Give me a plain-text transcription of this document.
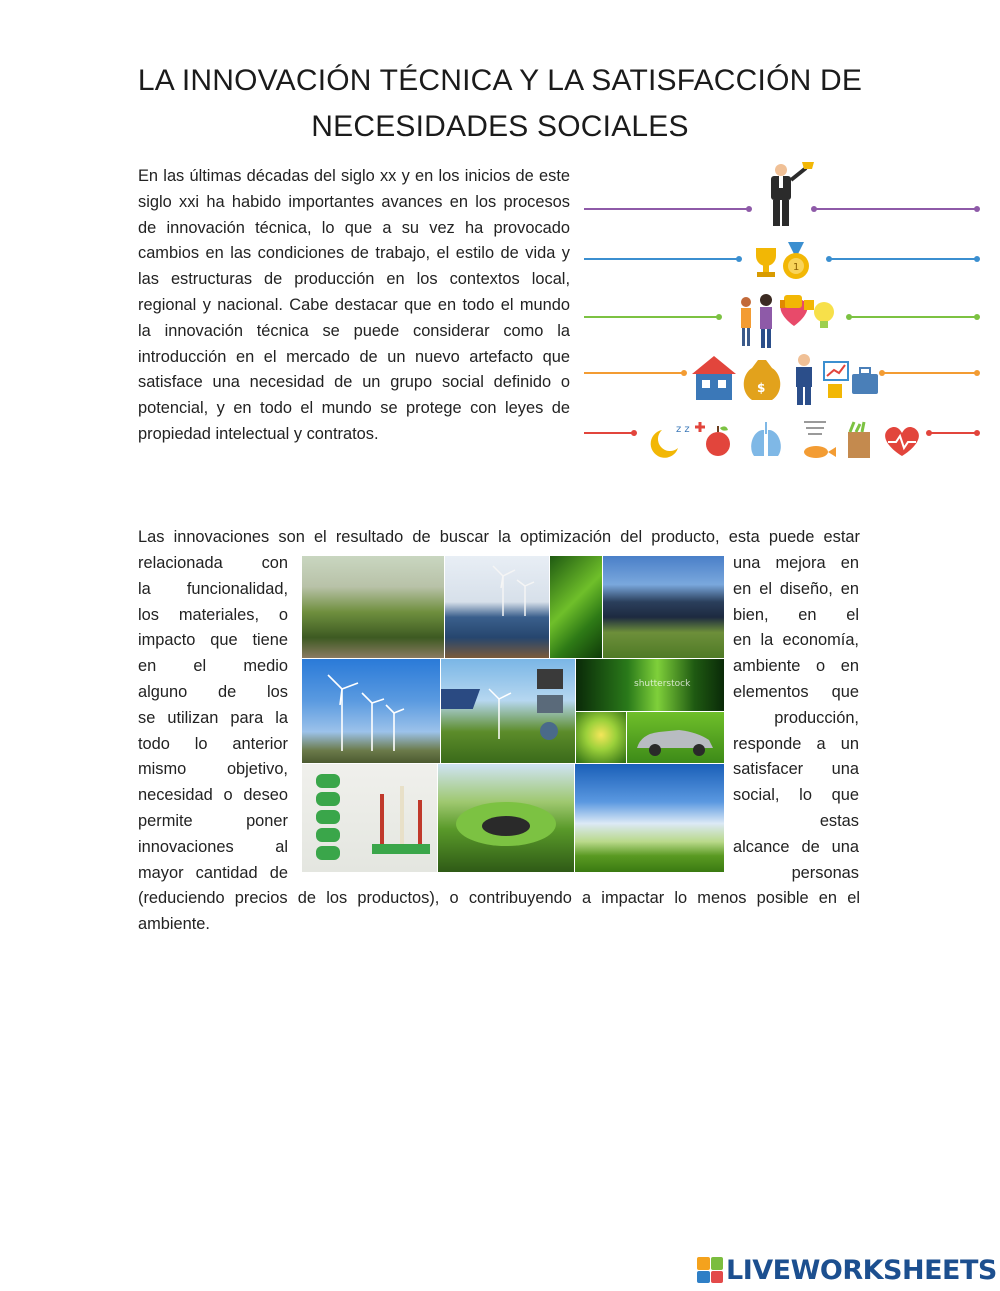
LA INNOVACIÓN TÉCNICA Y LA SATISFACCIÓN DE
NECESIDADES SOCIALES
En las últimas décadas del siglo xx y en los inicios de este siglo xxi ha habido importantes avances en los procesos de innovación técnica, lo que a su vez ha provocado cambios en las condiciones de trabajo, el estilo de vida y las estructuras de producción en los contextos local, regional y nacional. Cabe destacar que en todo el mundo la innovación técnica se puede considerar como la introducción en el mercado de un nuevo artefacto que satisface una necesidad de un grupo social definido o potencial, y en todo el mundo se protege con leyes de propiedad intelectual y contratos.
1
$
z z
Las innovaciones son el resultado de buscar la optimización del producto, esta puede estar
relacionada con
la funcionalidad,
los materiales, o
impacto que tiene
en el medio
alguno de los
se utilizan para la
todo lo anterior
mismo objetivo,
necesidad o deseo
permite poner
innovaciones al
mayor cantidad de
una mejora en
en el diseño, en
bien, en el
en la economía,
ambiente o en
elementos que
producción,
responde a un
satisfacer una
social, lo que
estas
alcance de una
personas
shutterstock
(reduciendo precios de los productos), o contribuyendo a impactar lo menos posible en el ambiente.
LIVEWORKSHEETS
